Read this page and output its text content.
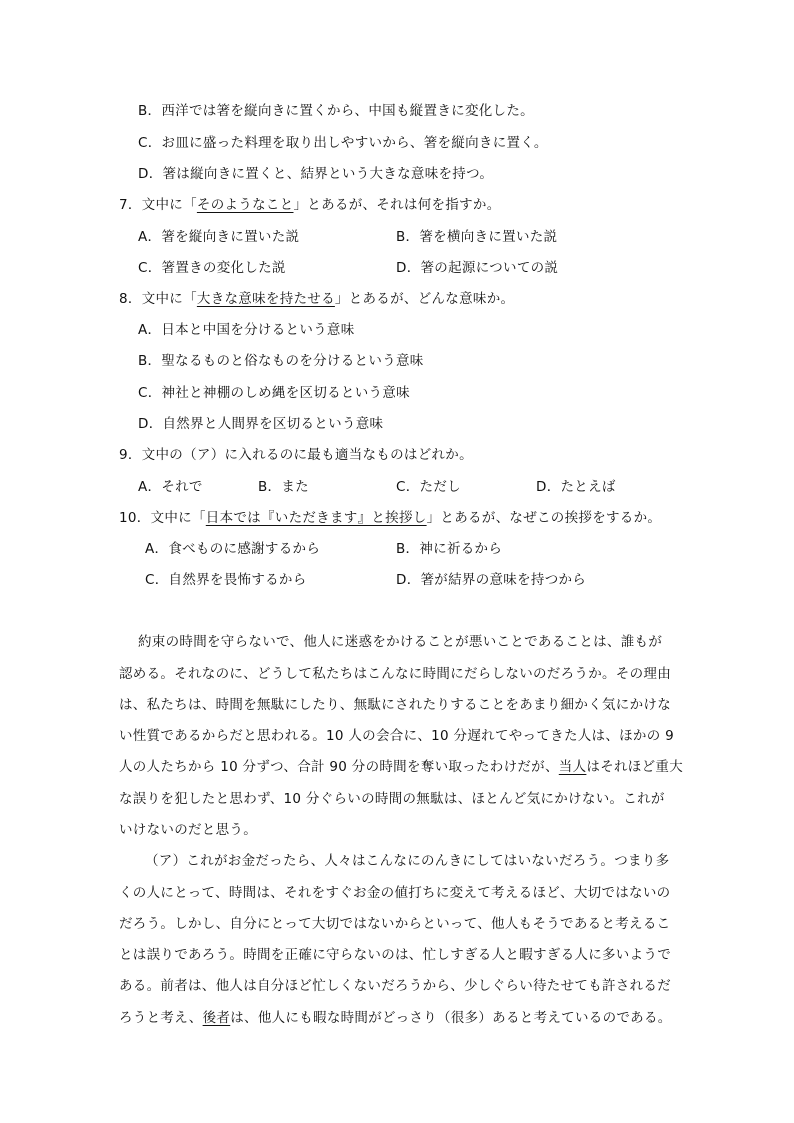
B．西洋では箸を縦向きに置くから、中国も縦置きに変化した。
C．お皿に盛った料理を取り出しやすいから、箸を縦向きに置く。
D．箸は縦向きに置くと、結界という大きな意味を持つ。
7．文中に「そのようなこと」とあるが、それは何を指すか。
A．箸を縦向きに置いた説	B．箸を横向きに置いた説
C．箸置きの変化した説	D．箸の起源についての説
8．文中に「大きな意味を持たせる」とあるが、どんな意味か。
A．日本と中国を分けるという意味
B．聖なるものと俗なものを分けるという意味
C．神社と神棚のしめ縄を区切るという意味
D．自然界と人間界を区切るという意味
9．文中の（ア）に入れるのに最も適当なものはどれか。
A．それで	B．また	C．ただし	D．たとえば
10．文中に「日本では『いただきます』と挨拶し」とあるが、なぜこの挨拶をするか。
A．食べものに感謝するから	B．神に祈るから
C．自然界を畏怖するから	D．箸が結界の意味を持つから
約束の時間を守らないで、他人に迷惑をかけることが悪いことであることは、誰もが
認める。それなのに、どうして私たちはこんなに時間にだらしないのだろうか。その理由
は、私たちは、時間を無駄にしたり、無駄にされたりすることをあまり細かく気にかけな
い性質であるからだと思われる。10 人の会合に、10 分遅れてやってきた人は、ほかの 9
人の人たちから 10 分ずつ、合計 90 分の時間を奪い取ったわけだが、当人はそれほど重大
な誤りを犯したと思わず、10 分ぐらいの時間の無駄は、ほとんど気にかけない。これが
いけないのだと思う。
（ア）これがお金だったら、人々はこんなにのんきにしてはいないだろう。つまり多
くの人にとって、時間は、それをすぐお金の値打ちに変えて考えるほど、大切ではないの
だろう。しかし、自分にとって大切ではないからといって、他人もそうであると考えるこ
とは誤りであろう。時間を正確に守らないのは、忙しすぎる人と暇すぎる人に多いようで
ある。前者は、他人は自分ほど忙しくないだろうから、少しぐらい待たせても許されるだ
ろうと考え、後者は、他人にも暇な時間がどっさり（很多）あると考えているのである。
